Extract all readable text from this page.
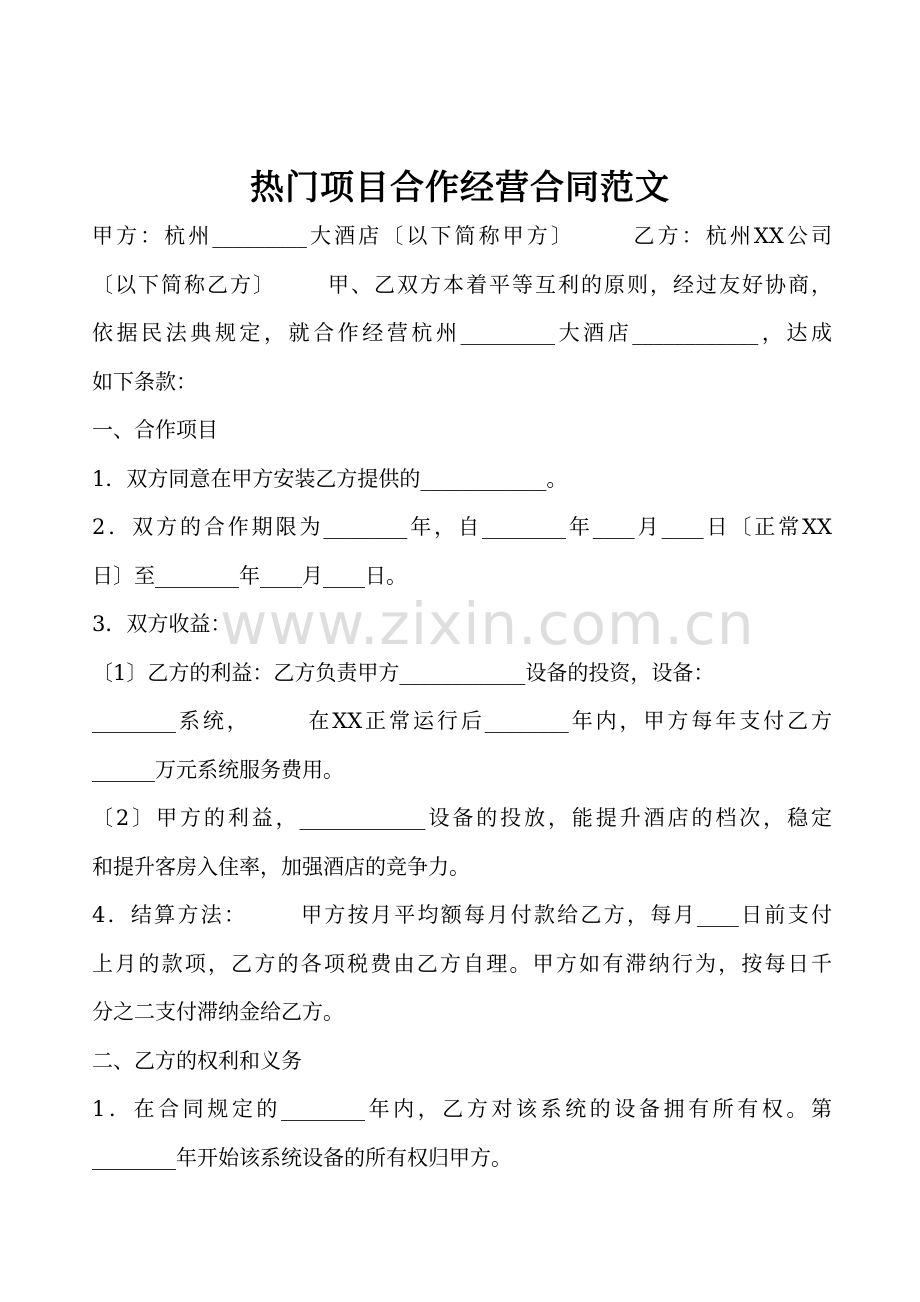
热门项目合作经营合同范文
甲方：杭州_________大酒店〔以下简称甲方〕      乙方：杭州XX公司
〔以下简称乙方〕      甲、乙双方本着平等互利的原则，经过友好协商，
依据民法典规定，就合作经营杭州_________大酒店____________，达成
如下条款：
一、合作项目
1．双方同意在甲方安装乙方提供的____________。
2．双方的合作期限为________年，自________年____月____日〔正常XX
日〕至________年____月____日。
3．双方收益：
〔1〕乙方的利益：乙方负责甲方____________设备的投资，设备：
________系统，      在XX正常运行后________年内，甲方每年支付乙方
______万元系统服务费用。
〔2〕甲方的利益，____________设备的投放，能提升酒店的档次，稳定
和提升客房入住率，加强酒店的竞争力。
4．结算方法：      甲方按月平均额每月付款给乙方，每月____日前支付
上月的款项，乙方的各项税费由乙方自理。甲方如有滞纳行为，按每日千
分之二支付滞纳金给乙方。
二、乙方的权利和义务
1．在合同规定的________年内，乙方对该系统的设备拥有所有权。第
________年开始该系统设备的所有权归甲方。
www.zixin.com.cn
